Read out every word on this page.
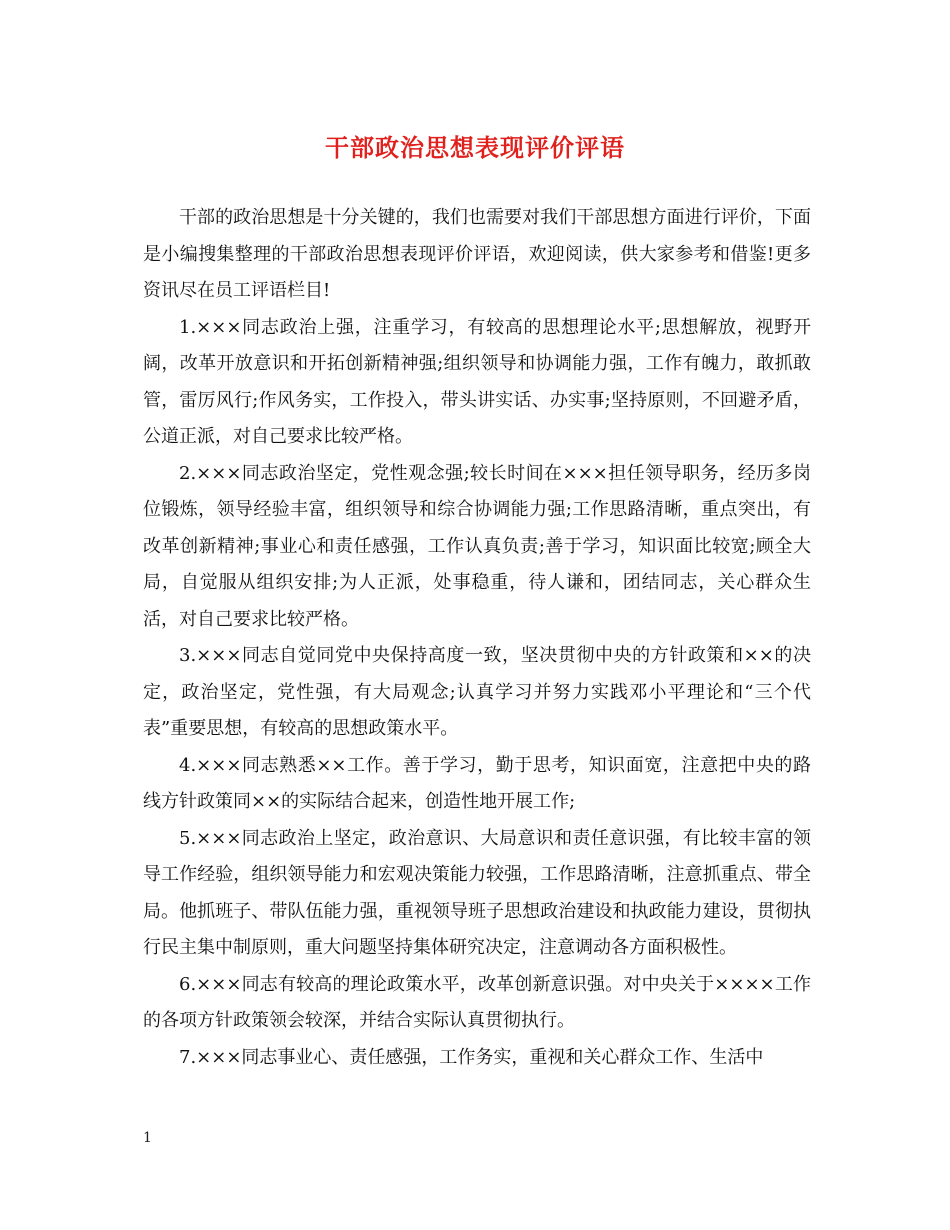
干部政治思想表现评价评语

干部的政治思想是十分关键的，我们也需要对我们干部思想方面进行评价，下面是小编搜集整理的干部政治思想表现评价评语，欢迎阅读，供大家参考和借鉴!更多资讯尽在员工评语栏目!

1.×××同志政治上强，注重学习，有较高的思想理论水平;思想解放，视野开阔，改革开放意识和开拓创新精神强;组织领导和协调能力强，工作有魄力，敢抓敢管，雷厉风行;作风务实，工作投入，带头讲实话、办实事;坚持原则，不回避矛盾，公道正派，对自己要求比较严格。

2.×××同志政治坚定，党性观念强;较长时间在×××担任领导职务，经历多岗位锻炼，领导经验丰富，组织领导和综合协调能力强;工作思路清晰，重点突出，有改革创新精神;事业心和责任感强，工作认真负责;善于学习，知识面比较宽;顾全大局，自觉服从组织安排;为人正派，处事稳重，待人谦和，团结同志，关心群众生活，对自己要求比较严格。

3.×××同志自觉同党中央保持高度一致，坚决贯彻中央的方针政策和××的决定，政治坚定，党性强，有大局观念;认真学习并努力实践邓小平理论和“三个代表”重要思想，有较高的思想政策水平。

4.×××同志熟悉××工作。善于学习，勤于思考，知识面宽，注意把中央的路线方针政策同××的实际结合起来，创造性地开展工作;

5.×××同志政治上坚定，政治意识、大局意识和责任意识强，有比较丰富的领导工作经验，组织领导能力和宏观决策能力较强，工作思路清晰，注意抓重点、带全局。他抓班子、带队伍能力强，重视领导班子思想政治建设和执政能力建设，贯彻执行民主集中制原则，重大问题坚持集体研究决定，注意调动各方面积极性。

6.×××同志有较高的理论政策水平，改革创新意识强。对中央关于××××工作的各项方针政策领会较深，并结合实际认真贯彻执行。

7.×××同志事业心、责任感强，工作务实，重视和关心群众工作、生活中

1
